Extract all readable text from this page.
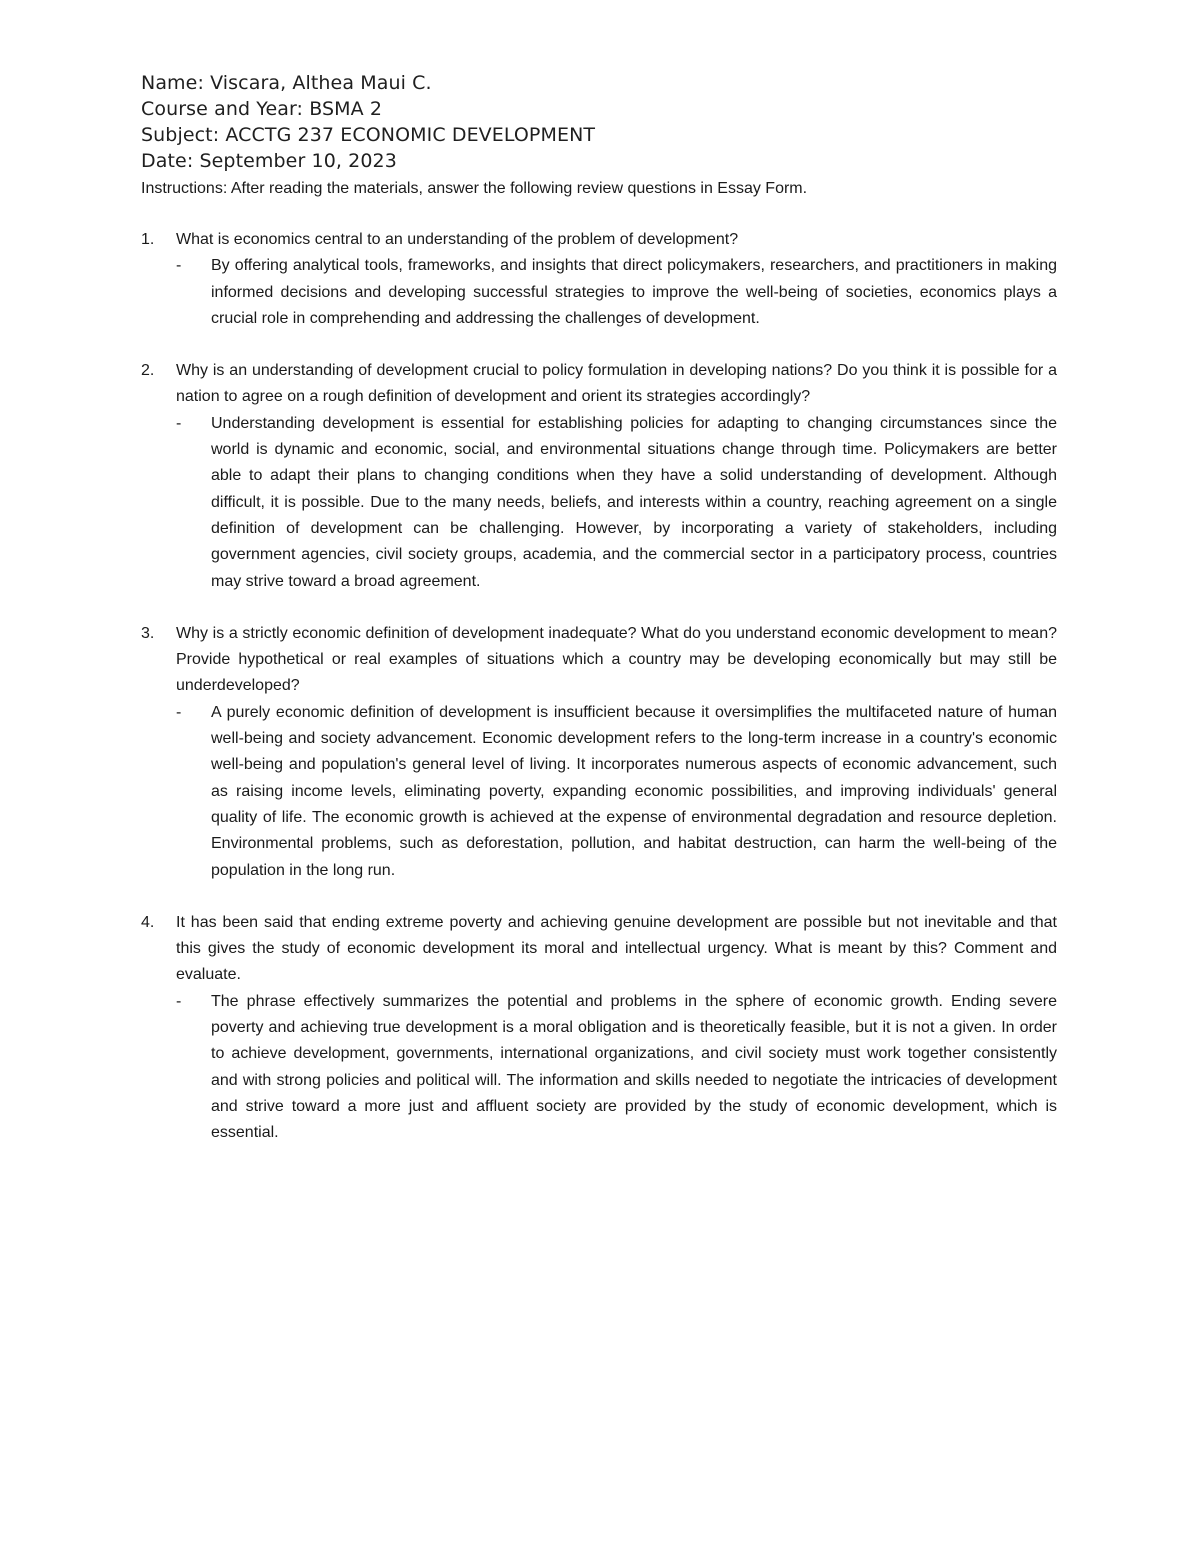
Name: Viscara, Althea Maui C.
Course and Year: BSMA 2
Subject: ACCTG 237 ECONOMIC DEVELOPMENT
Date: September 10, 2023
Instructions: After reading the materials, answer the following review questions in Essay Form.
1. What is economics central to an understanding of the problem of development?
- By offering analytical tools, frameworks, and insights that direct policymakers, researchers, and practitioners in making informed decisions and developing successful strategies to improve the well-being of societies, economics plays a crucial role in comprehending and addressing the challenges of development.
2. Why is an understanding of development crucial to policy formulation in developing nations? Do you think it is possible for a nation to agree on a rough definition of development and orient its strategies accordingly?
- Understanding development is essential for establishing policies for adapting to changing circumstances since the world is dynamic and economic, social, and environmental situations change through time. Policymakers are better able to adapt their plans to changing conditions when they have a solid understanding of development. Although difficult, it is possible. Due to the many needs, beliefs, and interests within a country, reaching agreement on a single definition of development can be challenging. However, by incorporating a variety of stakeholders, including government agencies, civil society groups, academia, and the commercial sector in a participatory process, countries may strive toward a broad agreement.
3. Why is a strictly economic definition of development inadequate? What do you understand economic development to mean? Provide hypothetical or real examples of situations which a country may be developing economically but may still be underdeveloped?
- A purely economic definition of development is insufficient because it oversimplifies the multifaceted nature of human well-being and society advancement. Economic development refers to the long-term increase in a country's economic well-being and population's general level of living. It incorporates numerous aspects of economic advancement, such as raising income levels, eliminating poverty, expanding economic possibilities, and improving individuals' general quality of life. The economic growth is achieved at the expense of environmental degradation and resource depletion. Environmental problems, such as deforestation, pollution, and habitat destruction, can harm the well-being of the population in the long run.
4. It has been said that ending extreme poverty and achieving genuine development are possible but not inevitable and that this gives the study of economic development its moral and intellectual urgency. What is meant by this? Comment and evaluate.
- The phrase effectively summarizes the potential and problems in the sphere of economic growth. Ending severe poverty and achieving true development is a moral obligation and is theoretically feasible, but it is not a given. In order to achieve development, governments, international organizations, and civil society must work together consistently and with strong policies and political will. The information and skills needed to negotiate the intricacies of development and strive toward a more just and affluent society are provided by the study of economic development, which is essential.
